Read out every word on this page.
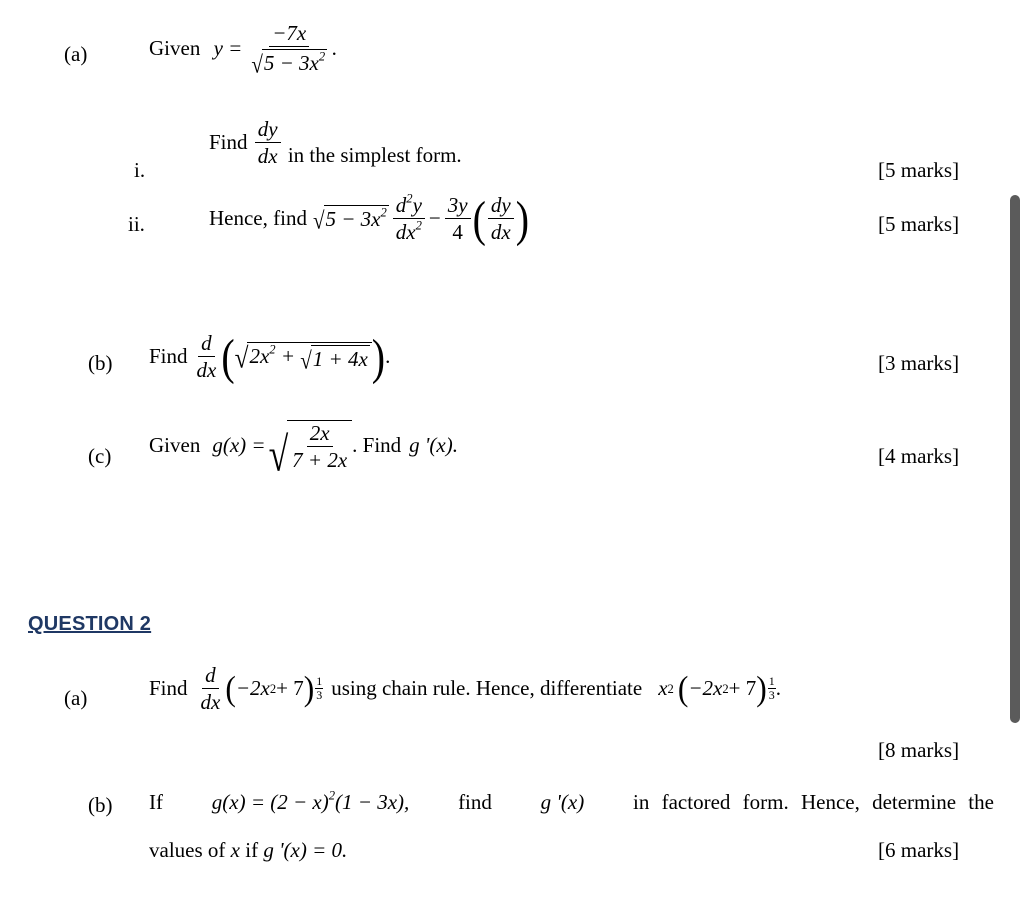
(a)	Given $y = \frac{-7x}{√ 5 - 3x^2}$ .
i.
Find $\frac{dy}{dx}$ in the simplest form.
[5 marks]
ii.	Hence, find √ $5 - 3x^2 \frac{d^2y}{dx^2} - \frac{3y}{4}$ ( $\frac{dy}{dx}$ )	[5 marks]
(b) Find $\frac{d}{dx}$ ( √ $2x^2$ + √ 1 + 4x ) .	[3 marks]
(c) Given g(x) = √ $\frac{2x}{7 + 2x}$ . Find g '(x).	[4 marks]
QUESTION 2
(a)	Find $\frac{d}{dx}$ ( −2x 2 + 7 ) $\frac{1}{3}$ using chain rule. Hence, differentiate x 2 ( −2x 2 + 7 ) $\frac{1}{3}$ .
[8 marks]
(b) If $g(x) = (2 - x)^2(1 - 3x)$, find g '(x) in factored form. Hence, determine the
values of x if g '(x) = 0.	[6 marks]
